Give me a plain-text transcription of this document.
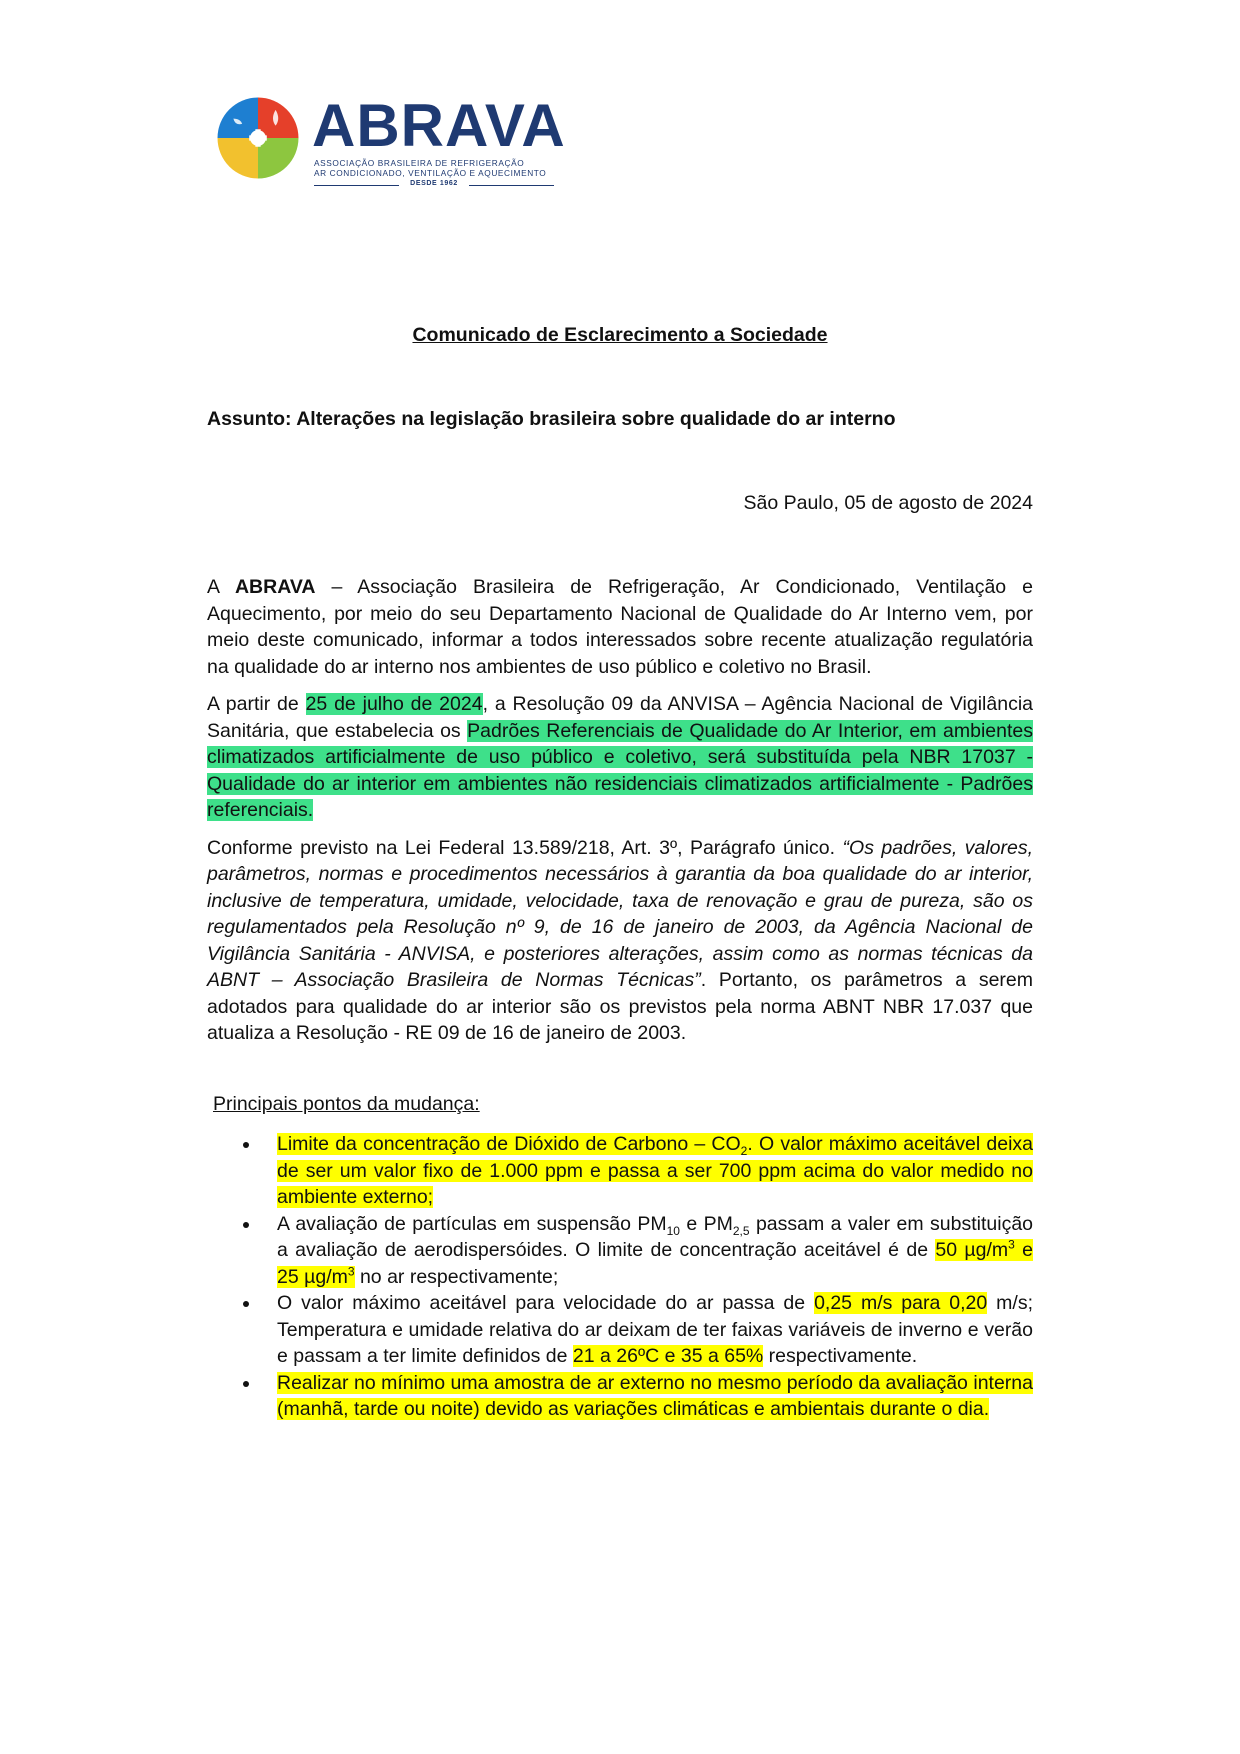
ABRAVA
ASSOCIAÇÃO BRASILEIRA DE REFRIGERAÇÃO
AR CONDICIONADO, VENTILAÇÃO E AQUECIMENTO
DESDE 1962
Comunicado de Esclarecimento a Sociedade
Assunto: Alterações na legislação brasileira sobre qualidade do ar interno
São Paulo, 05 de agosto de 2024

A ABRAVA – Associação Brasileira de Refrigeração, Ar Condicionado, Ventilação e Aquecimento, por meio do seu Departamento Nacional de Qualidade do Ar Interno vem, por meio deste comunicado, informar a todos interessados sobre recente atualização regulatória na qualidade do ar interno nos ambientes de uso público e coletivo no Brasil.

A partir de 25 de julho de 2024, a Resolução 09 da ANVISA – Agência Nacional de Vigilância Sanitária, que estabelecia os Padrões Referenciais de Qualidade do Ar Interior, em ambientes climatizados artificialmente de uso público e coletivo, será substituída pela NBR 17037 - Qualidade do ar interior em ambientes não residenciais climatizados artificialmente - Padrões referenciais.

Conforme previsto na Lei Federal 13.589/218, Art. 3º, Parágrafo único. “Os padrões, valores, parâmetros, normas e procedimentos necessários à garantia da boa qualidade do ar interior, inclusive de temperatura, umidade, velocidade, taxa de renovação e grau de pureza, são os regulamentados pela Resolução nº 9, de 16 de janeiro de 2003, da Agência Nacional de Vigilância Sanitária - ANVISA, e posteriores alterações, assim como as normas técnicas da ABNT – Associação Brasileira de Normas Técnicas”. Portanto, os parâmetros a serem adotados para qualidade do ar interior são os previstos pela norma ABNT NBR 17.037 que atualiza a Resolução - RE 09 de 16 de janeiro de 2003.

Principais pontos da mudança:
Limite da concentração de Dióxido de Carbono – $CO_2$. O valor máximo aceitável deixa de ser um valor fixo de 1.000 ppm e passa a ser 700 ppm acima do valor medido no ambiente externo;
A avaliação de partículas em suspensão $PM_{10}$ e $PM_{2,5}$ passam a valer em substituição a avaliação de aerodispersóides. O limite de concentração aceitável é de 50 $\mu g/m^3$ e 25 $\mu g/m^3$ no ar respectivamente;
O valor máximo aceitável para velocidade do ar passa de 0,25 m/s para 0,20 m/s; Temperatura e umidade relativa do ar deixam de ter faixas variáveis de inverno e verão e passam a ter limite definidos de 21 a 26ºC e 35 a 65% respectivamente.
Realizar no mínimo uma amostra de ar externo no mesmo período da avaliação interna (manhã, tarde ou noite) devido as variações climáticas e ambientais durante o dia.
